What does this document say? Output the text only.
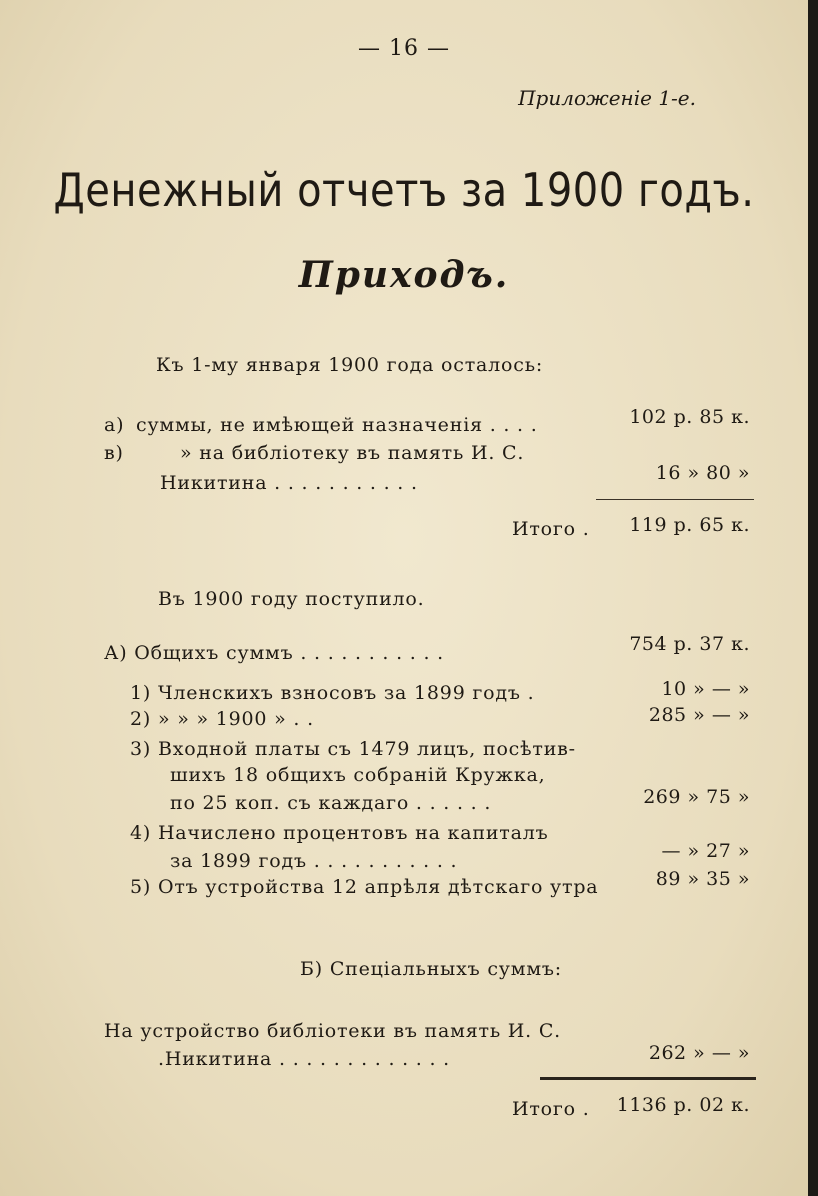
— 16 —
Приложеніе 1-е.
Денежный отчетъ за 1900 годъ.
Приходъ.
Къ 1-му января 1900 года осталось:
а) суммы, не имѣющей назначенія . . . .	102 р. 85 к.
в)	» на библіотеку въ память И. С.
Никитина . . . . . . . . . . .	16 » 80 »
Итого . 119 р. 65 к.
Въ 1900 году поступило.
А) Общихъ суммъ . . . . . . . . . . .	754 р. 37 к.
1) Членскихъ взносовъ за 1899 годъ .	10 » — »
2) » » » 1900 » . .	285 » — »
3) Входной платы съ 1479 лицъ, посѣтив-
шихъ 18 общихъ собраній Кружка,
по 25 коп. съ каждаго . . . . . .	269 » 75 »
4) Начислено процентовъ на капиталъ
за 1899 годъ . . . . . . . . . . .	— » 27 »
5) Отъ устройства 12 апрѣля дѣтскаго утра	89 » 35 »
Б) Спеціальныхъ суммъ:
На устройство библіотеки въ память И. С.
.Никитина . . . . . . . . . . . . .	262 » — »
Итого . 1136 р. 02 к.
